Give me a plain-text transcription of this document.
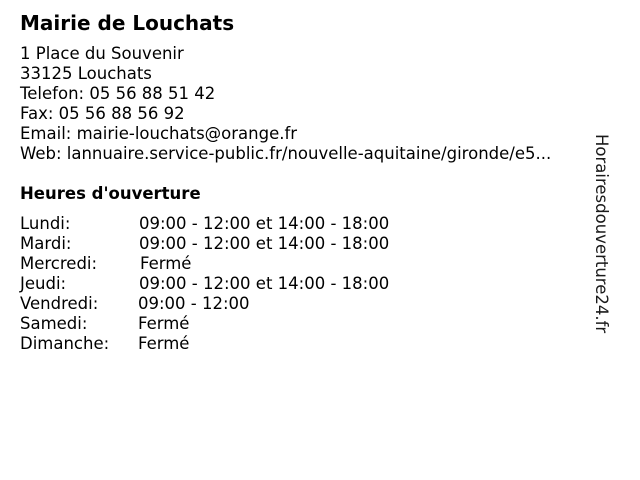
Mairie de Louchats
1 Place du Souvenir
33125 Louchats
Telefon: 05 56 88 51 42
Fax: 05 56 88 56 92
Email: mairie-louchats@orange.fr
Web: lannuaire.service-public.fr/nouvelle-aquitaine/gironde/e5...
Heures d'ouverture
Lundi:	09:00 - 12:00 et 14:00 - 18:00
Mardi:	09:00 - 12:00 et 14:00 - 18:00
Mercredi:	Fermé
Jeudi:	09:00 - 12:00 et 14:00 - 18:00
Vendredi: 09:00 - 12:00
Samedi:	Fermé
Dimanche: Fermé
Horairesdouverture24.fr
